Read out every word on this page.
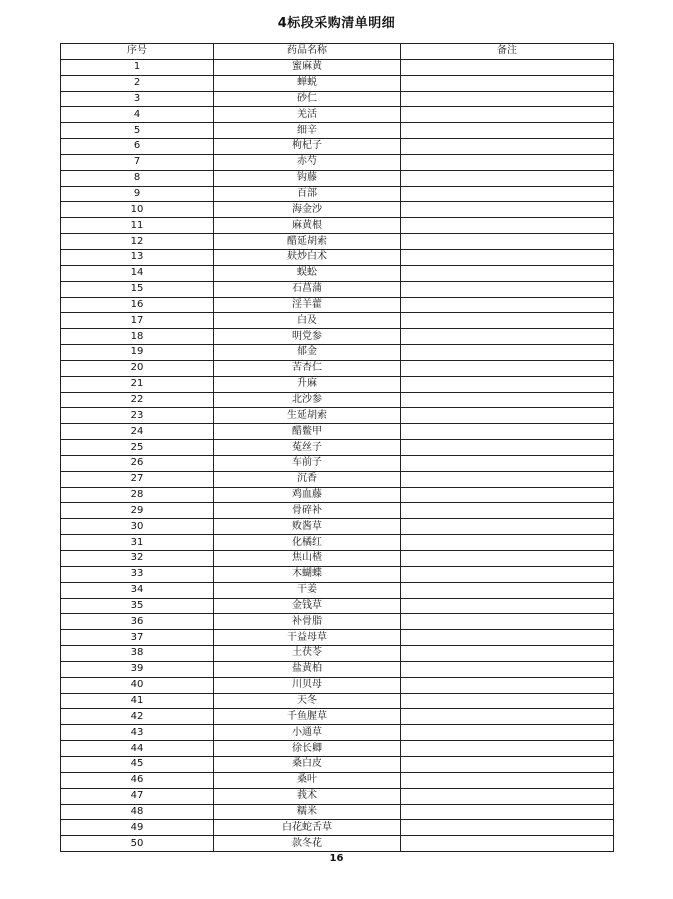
4标段采购清单明细
序号	药品名称	备注
1	蜜麻黄	
2	蝉蜕	
3	砂仁	
4	羌活	
5	细辛	
6	枸杞子	
7	赤芍	
8	钩藤	
9	百部	
10	海金沙	
11	麻黄根	
12	醋延胡索	
13	麸炒白术	
14	蜈蚣	
15	石菖蒲	
16	淫羊藿	
17	白及	
18	明党参	
19	郁金	
20	苦杏仁	
21	升麻	
22	北沙参	
23	生延胡索	
24	醋鳖甲	
25	菟丝子	
26	车前子	
27	沉香	
28	鸡血藤	
29	骨碎补	
30	败酱草	
31	化橘红	
32	焦山楂	
33	木蝴蝶	
34	干姜	
35	金钱草	
36	补骨脂	
37	干益母草	
38	土茯苓	
39	盐黄柏	
40	川贝母	
41	天冬	
42	千鱼腥草	
43	小通草	
44	徐长卿	
45	桑白皮	
46	桑叶	
47	莪术	
48	糯米	
49	白花蛇舌草	
50	款冬花	
16
